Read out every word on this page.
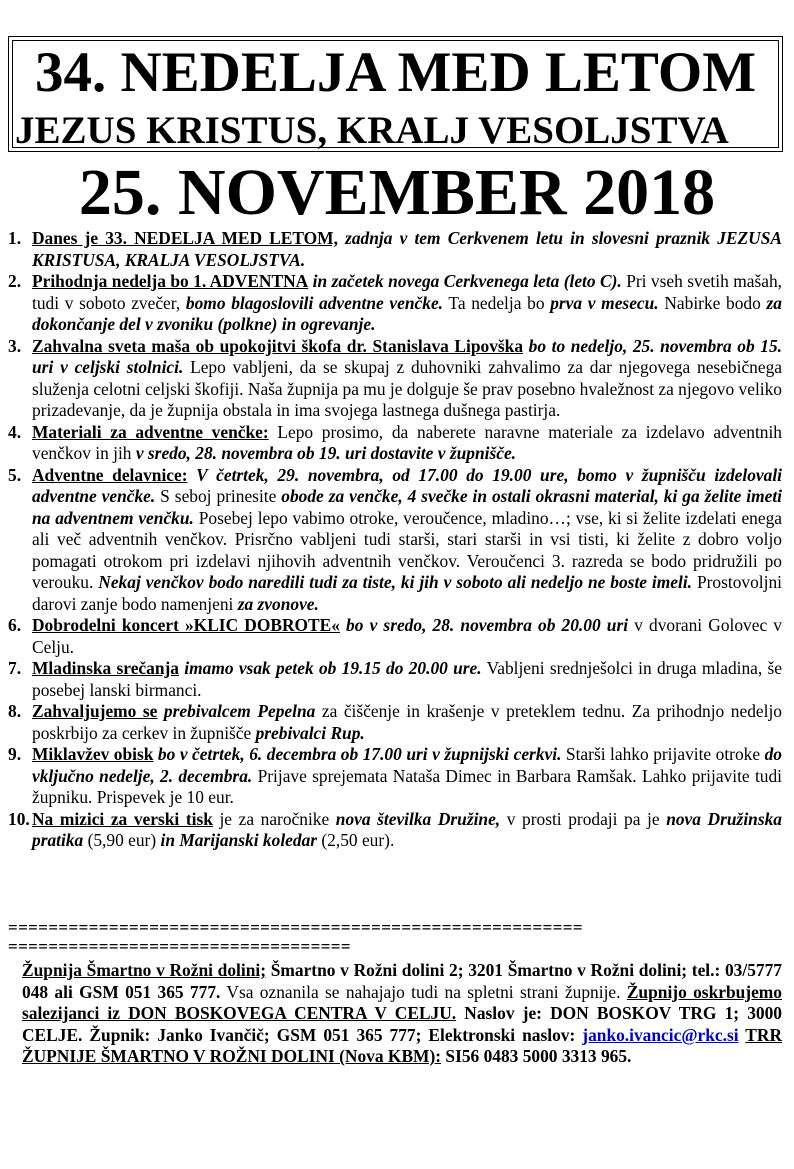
34. NEDELJA MED LETOM
JEZUS KRISTUS, KRALJ VESOLJSTVA
25. NOVEMBER 2018
1. Danes je 33. NEDELJA MED LETOM, zadnja v tem Cerkvenem letu in slovesni praznik JEZUSA KRISTUSA, KRALJA VESOLJSTVA.
2. Prihodnja nedelja bo 1. ADVENTNA in začetek novega Cerkvenega leta (leto C). Pri vseh svetih mašah, tudi v soboto zvečer, bomo blagoslovili adventne venčke. Ta nedelja bo prva v mesecu. Nabirke bodo za dokončanje del v zvoniku (polkne) in ogrevanje.
3. Zahvalna sveta maša ob upokojitvi škofa dr. Stanislava Lipovška bo to nedeljo, 25. novembra ob 15. uri v celjski stolnici. Lepo vabljeni, da se skupaj z duhovniki zahvalimo za dar njegovega nesebičnega služenja celotni celjski škofiji. Naša župnija pa mu je dolguje še prav posebno hvaležnost za njegovo veliko prizadevanje, da je župnija obstala in ima svojega lastnega dušnega pastirja.
4. Materiali za adventne venčke: Lepo prosimo, da naberete naravne materiale za izdelavo adventnih venčkov in jih v sredo, 28. novembra ob 19. uri dostavite v župnišče.
5. Adventne delavnice: V četrtek, 29. novembra, od 17.00 do 19.00 ure, bomo v župnišču izdelovali adventne venčke. S seboj prinesite obode za venčke, 4 svečke in ostali okrasni material, ki ga želite imeti na adventnem venčku. Posebej lepo vabimo otroke, veroučence, mladino…; vse, ki si želite izdelati enega ali več adventnih venčkov. Prisrčno vabljeni tudi starši, stari starši in vsi tisti, ki želite z dobro voljo pomagati otrokom pri izdelavi njihovih adventnih venčkov. Veroučenci 3. razreda se bodo pridružili po verouku. Nekaj venčkov bodo naredili tudi za tiste, ki jih v soboto ali nedeljo ne boste imeli. Prostovoljni darovi zanje bodo namenjeni za zvonove.
6. Dobrodelni koncert »KLIC DOBROTE« bo v sredo, 28. novembra ob 20.00 uri v dvorani Golovec v Celju.
7. Mladinska srečanja imamo vsak petek ob 19.15 do 20.00 ure. Vabljeni srednješolci in druga mladina, še posebej lanski birmanci.
8. Zahvaljujemo se prebivalcem Pepelna za čiščenje in krašenje v preteklem tednu. Za prihodnjo nedeljo poskrbijo za cerkev in župnišče prebivalci Rup.
9. Miklavžev obisk bo v četrtek, 6. decembra ob 17.00 uri v župnijski cerkvi. Starši lahko prijavite otroke do vključno nedelje, 2. decembra. Prijave sprejemata Nataša Dimec in Barbara Ramšak. Lahko prijavite tudi župniku. Prispevek je 10 eur.
10. Na mizici za verski tisk je za naročnike nova številka Družine, v prosti prodaji pa je nova Družinska pratika (5,90 eur) in Marijanski koledar (2,50 eur).
=========================================================
==================================
Župnija Šmartno v Rožni dolini; Šmartno v Rožni dolini 2; 3201 Šmartno v Rožni dolini; tel.: 03/5777 048 ali GSM 051 365 777. Vsa oznanila se nahajajo tudi na spletni strani župnije. Župnijo oskrbujemo salezijanci iz DON BOSKOVEGA CENTRA V CELJU. Naslov je: DON BOSKOV TRG 1; 3000 CELJE. Župnik: Janko Ivančič; GSM 051 365 777; Elektronski naslov: janko.ivancic@rkc.si TRR ŽUPNIJE ŠMARTNO V ROŽNI DOLINI (Nova KBM): SI56 0483 5000 3313 965.
